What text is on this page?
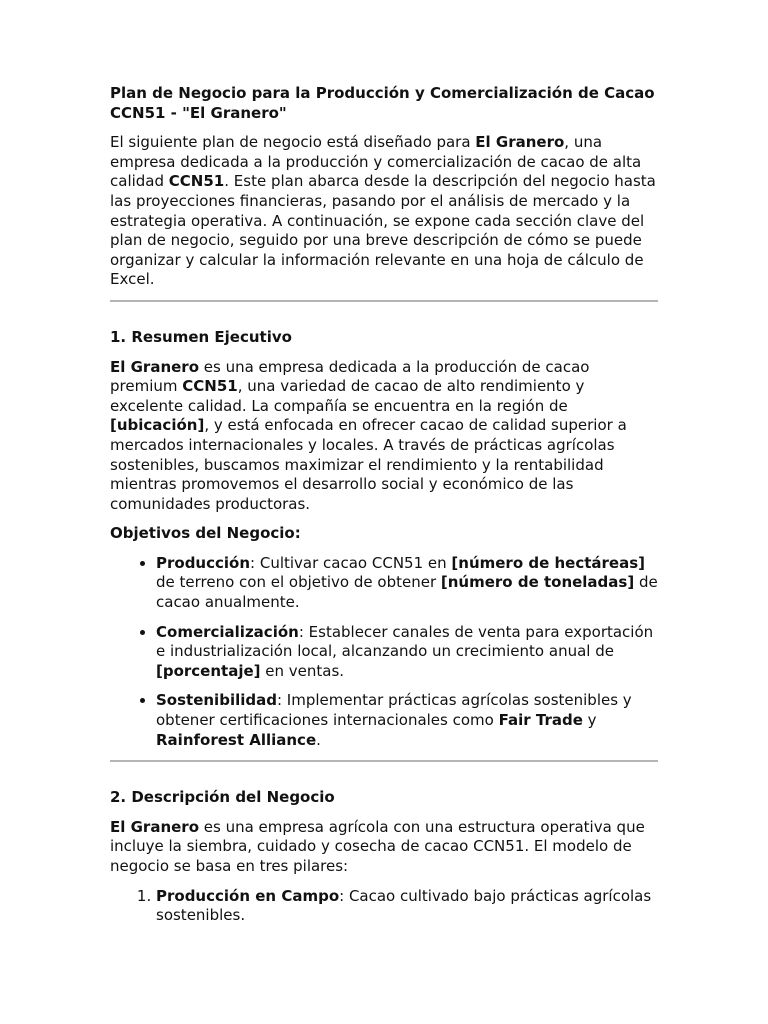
Plan de Negocio para la Producción y Comercialización de Cacao CCN51 - "El Granero"

El siguiente plan de negocio está diseñado para El Granero, una empresa dedicada a la producción y comercialización de cacao de alta calidad CCN51. Este plan abarca desde la descripción del negocio hasta las proyecciones financieras, pasando por el análisis de mercado y la estrategia operativa. A continuación, se expone cada sección clave del plan de negocio, seguido por una breve descripción de cómo se puede organizar y calcular la información relevante en una hoja de cálculo de Excel.

1. Resumen Ejecutivo

El Granero es una empresa dedicada a la producción de cacao premium CCN51, una variedad de cacao de alto rendimiento y excelente calidad. La compañía se encuentra en la región de [ubicación], y está enfocada en ofrecer cacao de calidad superior a mercados internacionales y locales. A través de prácticas agrícolas sostenibles, buscamos maximizar el rendimiento y la rentabilidad mientras promovemos el desarrollo social y económico de las comunidades productoras.

Objetivos del Negocio:
• Producción: Cultivar cacao CCN51 en [número de hectáreas] de terreno con el objetivo de obtener [número de toneladas] de cacao anualmente.
• Comercialización: Establecer canales de venta para exportación e industrialización local, alcanzando un crecimiento anual de [porcentaje] en ventas.
• Sostenibilidad: Implementar prácticas agrícolas sostenibles y obtener certificaciones internacionales como Fair Trade y Rainforest Alliance.
2. Descripción del Negocio

El Granero es una empresa agrícola con una estructura operativa que incluye la siembra, cuidado y cosecha de cacao CCN51. El modelo de negocio se basa en tres pilares:

1. Producción en Campo: Cacao cultivado bajo prácticas agrícolas sostenibles.
